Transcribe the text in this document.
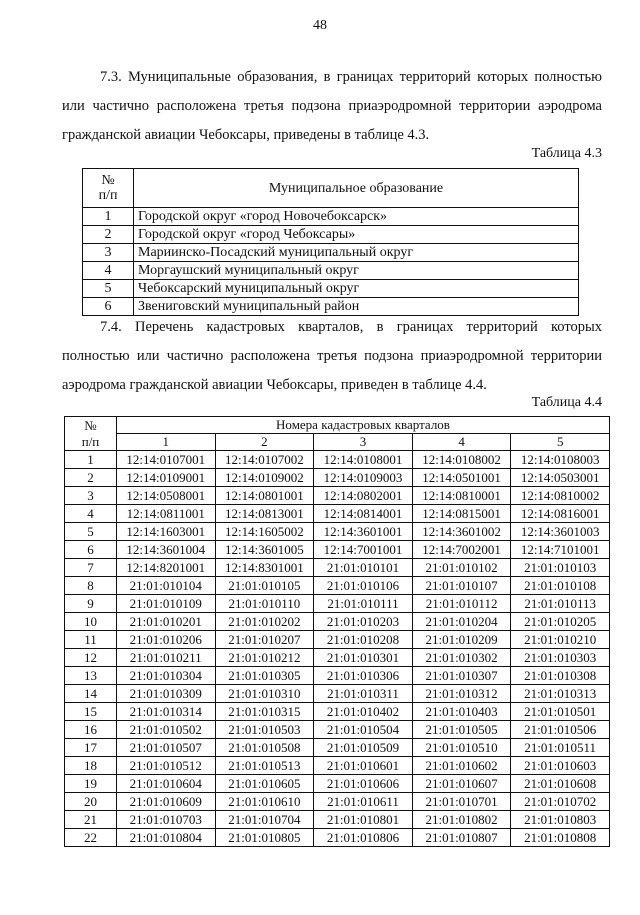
48

7.3. Муниципальные образования, в границах территорий которых полностью или частично расположена третья подзона приаэродромной территории аэродрома гражданской авиации Чебоксары, приведены в таблице 4.3.

Таблица 4.3
№
п/п	Муниципальное образование
1	Городской округ «город Новочебоксарск»
2	Городской округ «город Чебоксары»
3	Мариинско-Посадский муниципальный округ
4	Моргаушский муниципальный округ
5	Чебоксарский муниципальный округ
6	Звениговский муниципальный район

7.4. Перечень кадастровых кварталов, в границах территорий которых полностью или частично расположена третья подзона приаэродромной территории аэродрома гражданской авиации Чебоксары, приведен в таблице 4.4.

Таблица 4.4
№
п/п	Номера кадастровых кварталов				
	1	2	3	4	5
1	12:14:0107001	12:14:0107002	12:14:0108001	12:14:0108002	12:14:0108003
2	12:14:0109001	12:14:0109002	12:14:0109003	12:14:0501001	12:14:0503001
3	12:14:0508001	12:14:0801001	12:14:0802001	12:14:0810001	12:14:0810002
4	12:14:0811001	12:14:0813001	12:14:0814001	12:14:0815001	12:14:0816001
5	12:14:1603001	12:14:1605002	12:14:3601001	12:14:3601002	12:14:3601003
6	12:14:3601004	12:14:3601005	12:14:7001001	12:14:7002001	12:14:7101001
7	12:14:8201001	12:14:8301001	21:01:010101	21:01:010102	21:01:010103
8	21:01:010104	21:01:010105	21:01:010106	21:01:010107	21:01:010108
9	21:01:010109	21:01:010110	21:01:010111	21:01:010112	21:01:010113
10	21:01:010201	21:01:010202	21:01:010203	21:01:010204	21:01:010205
11	21:01:010206	21:01:010207	21:01:010208	21:01:010209	21:01:010210
12	21:01:010211	21:01:010212	21:01:010301	21:01:010302	21:01:010303
13	21:01:010304	21:01:010305	21:01:010306	21:01:010307	21:01:010308
14	21:01:010309	21:01:010310	21:01:010311	21:01:010312	21:01:010313
15	21:01:010314	21:01:010315	21:01:010402	21:01:010403	21:01:010501
16	21:01:010502	21:01:010503	21:01:010504	21:01:010505	21:01:010506
17	21:01:010507	21:01:010508	21:01:010509	21:01:010510	21:01:010511
18	21:01:010512	21:01:010513	21:01:010601	21:01:010602	21:01:010603
19	21:01:010604	21:01:010605	21:01:010606	21:01:010607	21:01:010608
20	21:01:010609	21:01:010610	21:01:010611	21:01:010701	21:01:010702
21	21:01:010703	21:01:010704	21:01:010801	21:01:010802	21:01:010803
22	21:01:010804	21:01:010805	21:01:010806	21:01:010807	21:01:010808
